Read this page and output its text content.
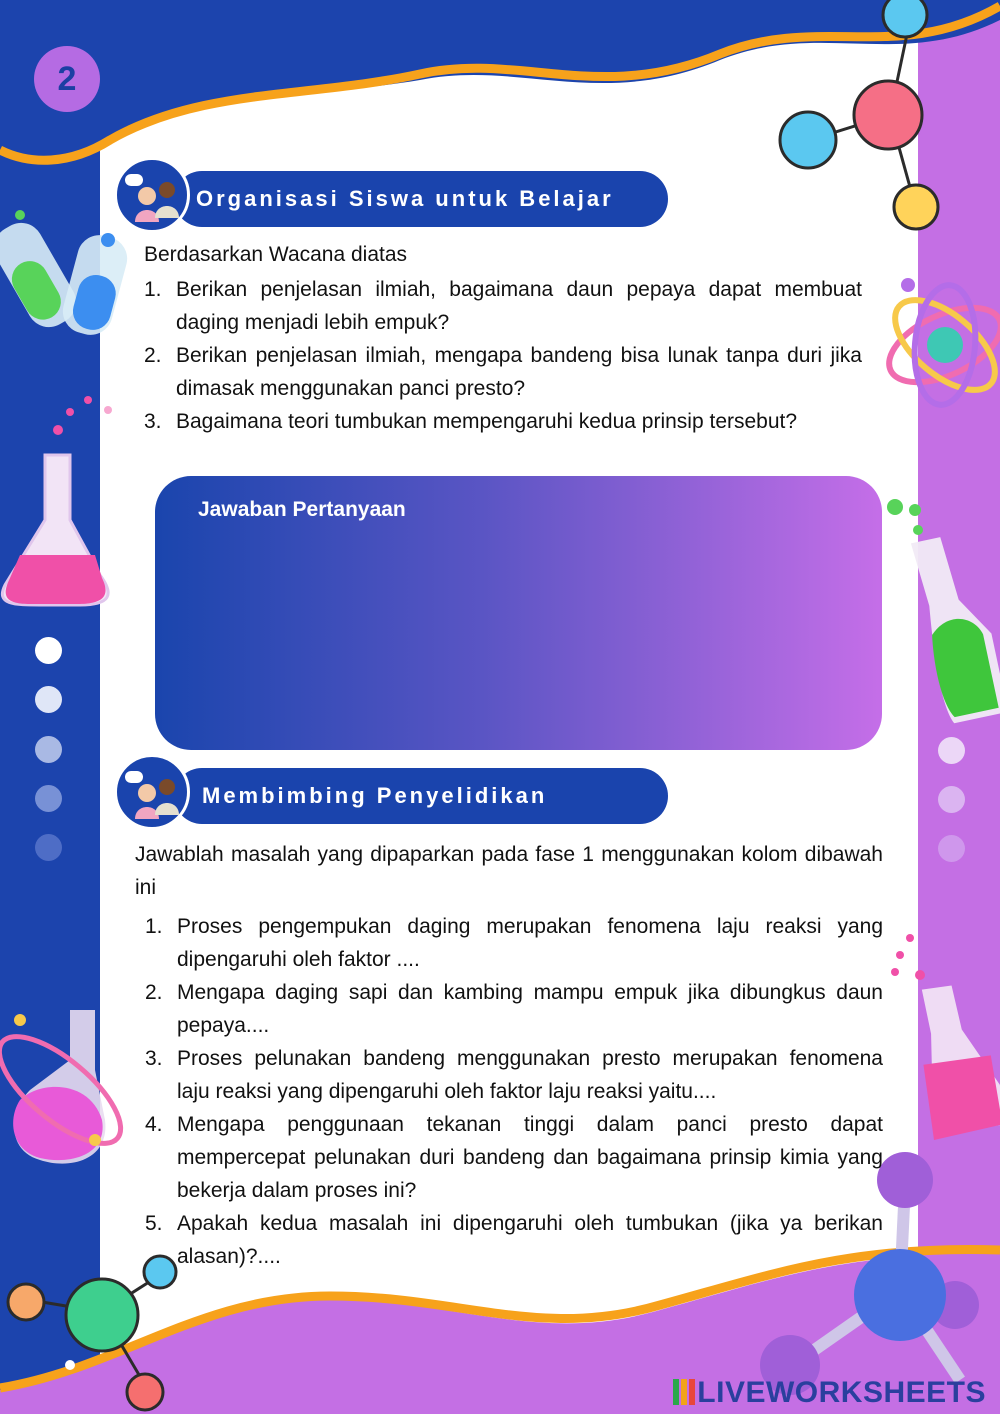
2
Organisasi Siswa untuk Belajar
Berdasarkan Wacana diatas
1. Berikan penjelasan ilmiah, bagaimana daun pepaya dapat membuat daging menjadi lebih empuk?
2. Berikan penjelasan ilmiah, mengapa bandeng bisa lunak tanpa duri jika dimasak menggunakan panci presto?
3. Bagaimana teori tumbukan mempengaruhi kedua prinsip tersebut?
Jawaban Pertanyaan
Membimbing Penyelidikan
Jawablah masalah yang dipaparkan pada fase 1 menggunakan kolom dibawah ini
1. Proses pengempukan daging merupakan fenomena laju reaksi yang dipengaruhi oleh faktor ....
2. Mengapa daging sapi dan kambing mampu empuk jika dibungkus daun pepaya....
3. Proses pelunakan bandeng menggunakan presto merupakan fenomena laju reaksi yang dipengaruhi oleh faktor laju reaksi yaitu....
4. Mengapa penggunaan tekanan tinggi dalam panci presto dapat mempercepat pelunakan duri bandeng dan bagaimana prinsip kimia yang bekerja dalam proses ini?
5. Apakah kedua masalah ini dipengaruhi oleh tumbukan (jika ya berikan alasan)?....
LIVEWORKSHEETS
